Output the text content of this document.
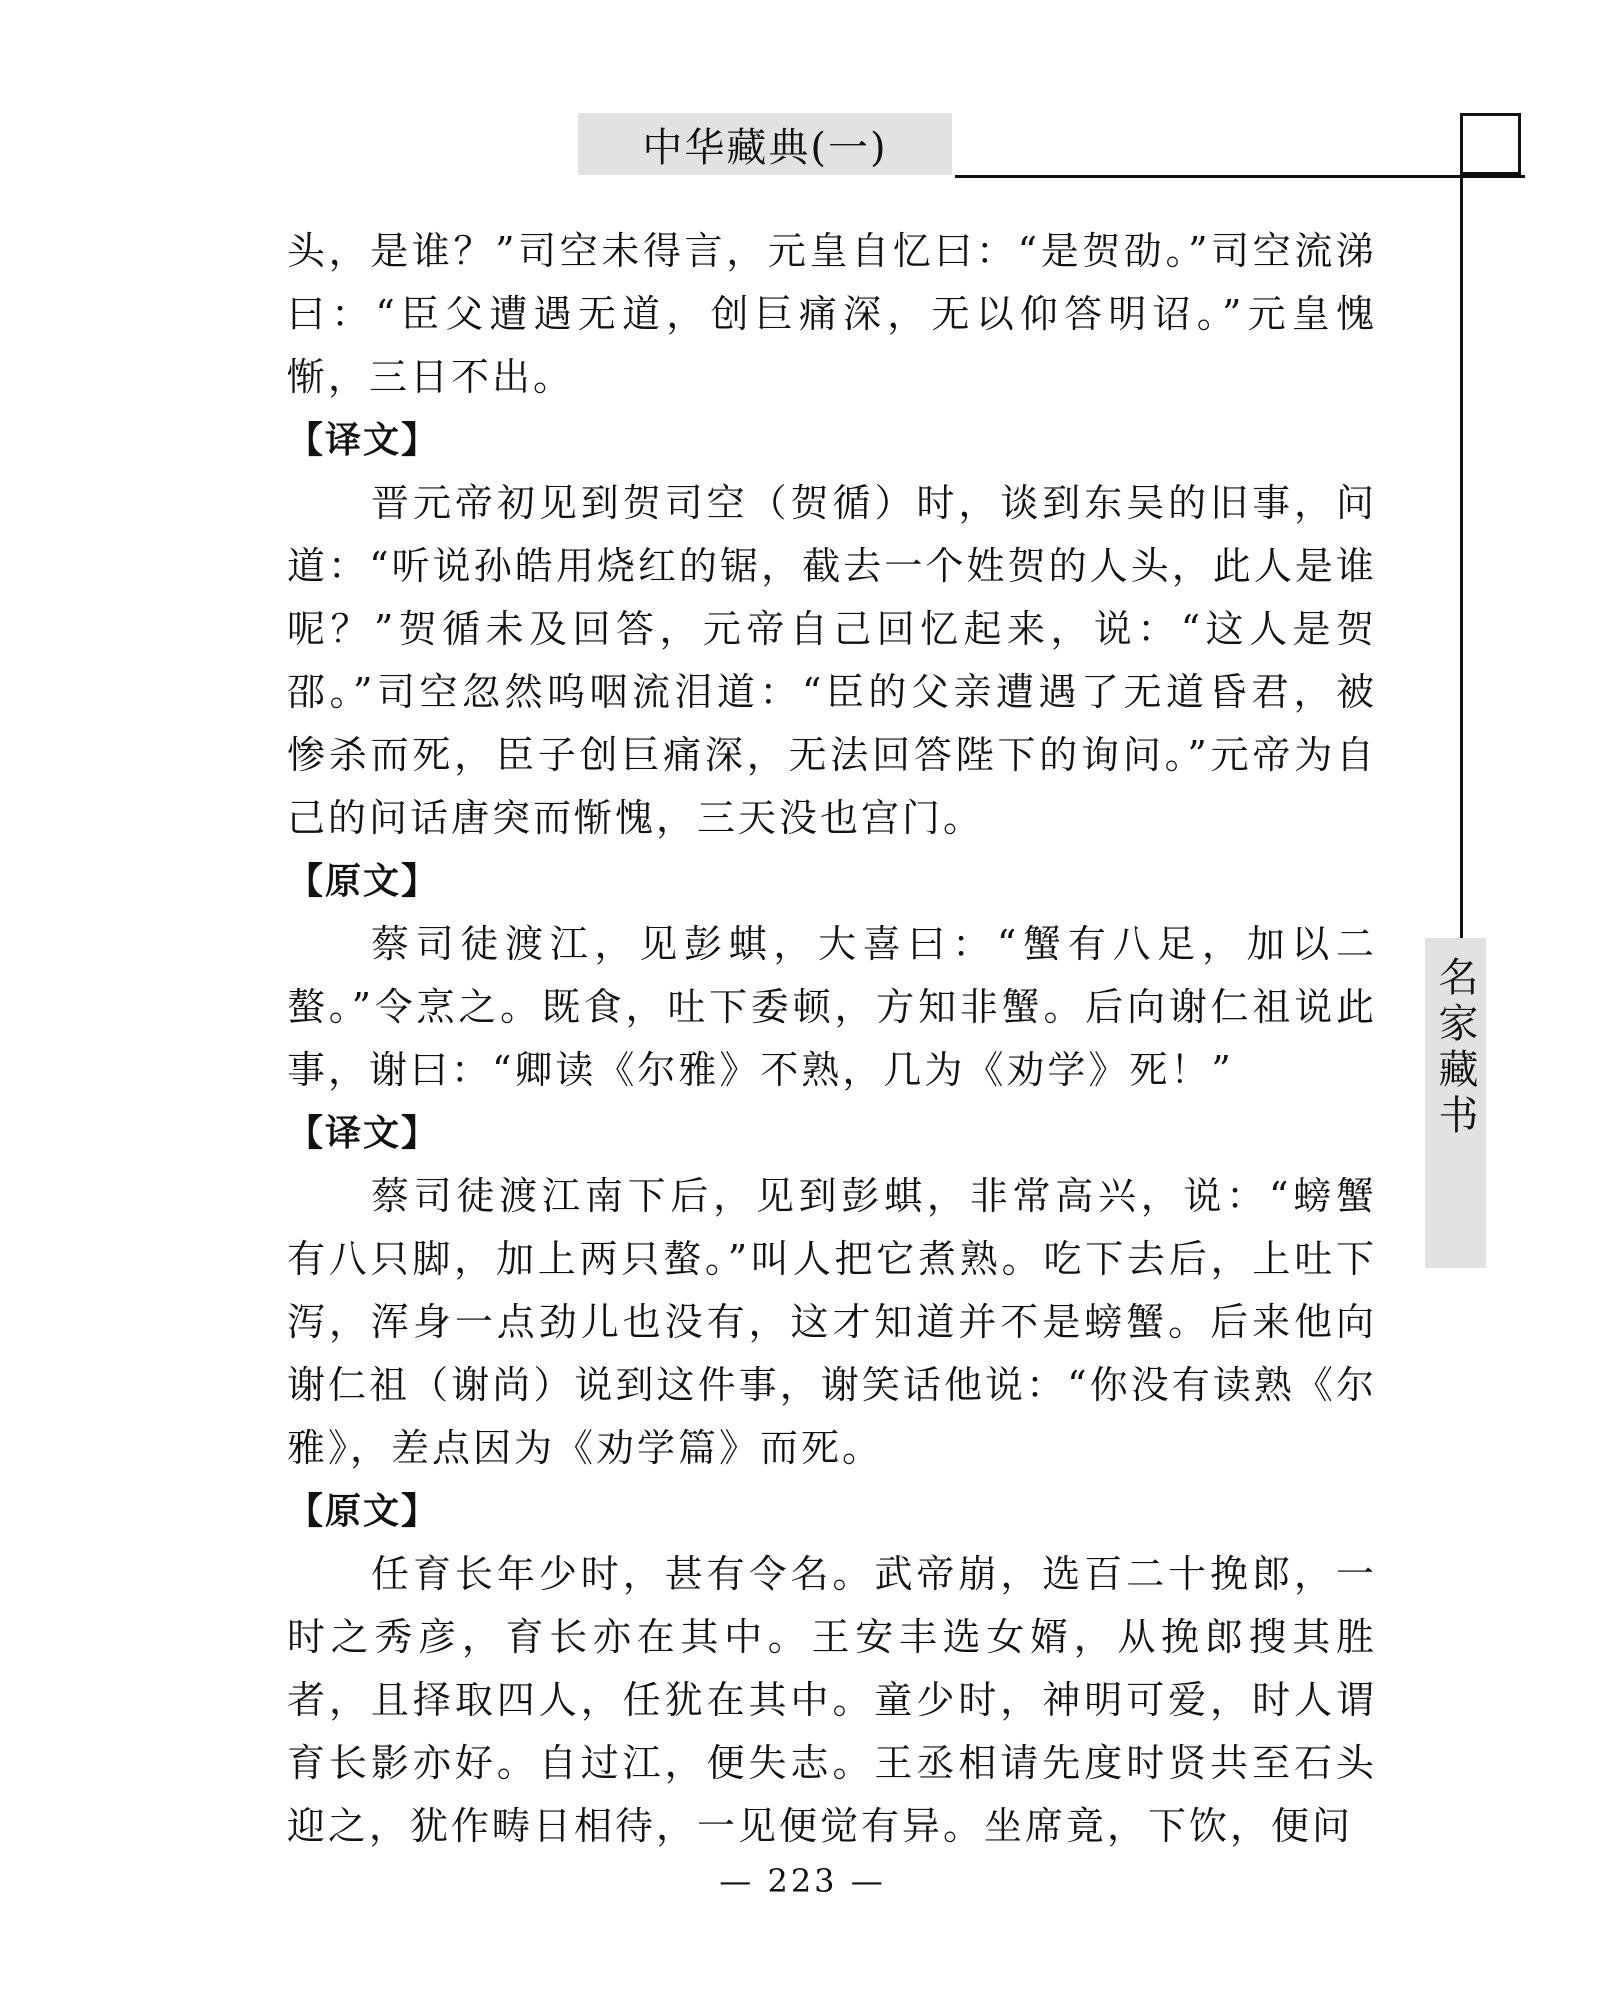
中华藏典(一)
名家藏书

头，是谁？”司空未得言，元皇自忆曰：“是贺劭。”司空流涕曰：“臣父遭遇无道，创巨痛深，无以仰答明诏。”元皇愧惭，三日不出。

【译文】

晋元帝初见到贺司空（贺循）时，谈到东吴的旧事，问道：“听说孙皓用烧红的锯，截去一个姓贺的人头，此人是谁呢？”贺循未及回答，元帝自己回忆起来，说：“这人是贺邵。”司空忽然呜咽流泪道：“臣的父亲遭遇了无道昏君，被惨杀而死，臣子创巨痛深，无法回答陛下的询问。”元帝为自己的问话唐突而惭愧，三天没也宫门。

【原文】

蔡司徒渡江，见彭蜞，大喜曰：“蟹有八足，加以二螯。”令烹之。既食，吐下委顿，方知非蟹。后向谢仁祖说此事，谢曰：“卿读《尔雅》不熟，几为《劝学》死！”

【译文】

蔡司徒渡江南下后，见到彭蜞，非常高兴，说：“螃蟹有八只脚，加上两只螯。”叫人把它煮熟。吃下去后，上吐下泻，浑身一点劲儿也没有，这才知道并不是螃蟹。后来他向谢仁祖（谢尚）说到这件事，谢笑话他说：“你没有读熟《尔雅》，差点因为《劝学篇》而死。

【原文】

任育长年少时，甚有令名。武帝崩，选百二十挽郎，一时之秀彦，育长亦在其中。王安丰选女婿，从挽郎搜其胜者，且择取四人，任犹在其中。童少时，神明可爱，时人谓育长影亦好。自过江，便失志。王丞相请先度时贤共至石头迎之，犹作畴日相待，一见便觉有异。坐席竟，下饮，便问

— 223 —
